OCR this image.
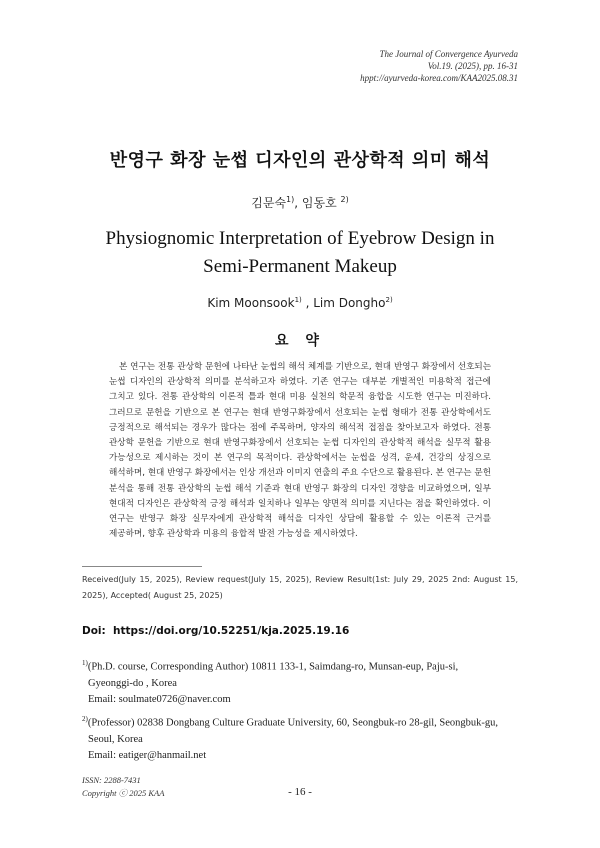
The Journal of Convergence Ayurveda
Vol.19. (2025), pp. 16-31
hppt://ayurveda-korea.com/KAA2025.08.31
반영구 화장 눈썹 디자인의 관상학적 의미 해석
김문숙$^{1)}$, 임동호 $^{2)}$
Physiognomic Interpretation of Eyebrow Design in
Semi-Permanent Makeup
Kim Moonsook$^{1)}$ , Lim Dongho$^{2)}$
요 약
본 연구는 전통 관상학 문헌에 나타난 눈썹의 해석 체계를 기반으로, 현대 반영구 화장에서 선호되는 눈썹 디자인의 관상학적 의미를 분석하고자 하였다. 기존 연구는 대부분 개별적인 미용학적 접근에 그치고 있다. 전통 관상학의 이론적 틀과 현대 미용 실천의 학문적 융합을 시도한 연구는 미진하다. 그러므로 문헌을 기반으로 본 연구는 현대 반영구화장에서 선호되는 눈썹 형태가 전통 관상학에서도 긍정적으로 해석되는 경우가 많다는 점에 주목하며, 양자의 해석적 접점을 찾아보고자 하였다. 전통 관상학 문헌을 기반으로 현대 반영구화장에서 선호되는 눈썹 디자인의 관상학적 해석을 실무적 활용 가능성으로 제시하는 것이 본 연구의 목적이다. 관상학에서는 눈썹을 성격, 운세, 건강의 상징으로 해석하며, 현대 반영구 화장에서는 인상 개선과 이미지 연출의 주요 수단으로 활용된다. 본 연구는 문헌 분석을 통해 전통 관상학의 눈썹 해석 기준과 현대 반영구 화장의 디자인 경향을 비교하였으며, 일부 현대적 디자인은 관상학적 긍정 해석과 일치하나 일부는 양면적 의미를 지닌다는 점을 확인하였다. 이 연구는 반영구 화장 실무자에게 관상학적 해석을 디자인 상담에 활용할 수 있는 이론적 근거를 제공하며, 향후 관상학과 미용의 융합적 발전 가능성을 제시하였다.
Received(July 15, 2025), Review request(July 15, 2025), Review Result(1st: July 29, 2025 2nd: August 15, 2025), Accepted( August 25, 2025)
Doi: https://doi.org/10.52251/kja.2025.19.16
$^{1)}$(Ph.D. course, Corresponding Author) 10811 133-1, Saimdang-ro, Munsan-eup, Paju-si,
Gyeonggi-do , Korea
Email: soulmate0726@naver.com
$^{2)}$(Professor) 02838 Dongbang Culture Graduate University, 60, Seongbuk-ro 28-gil, Seongbuk-gu,
Seoul, Korea
Email: eatiger@hanmail.net
ISSN: 2288-7431
Copyright ⓒ 2025 KAA	- 16 -
